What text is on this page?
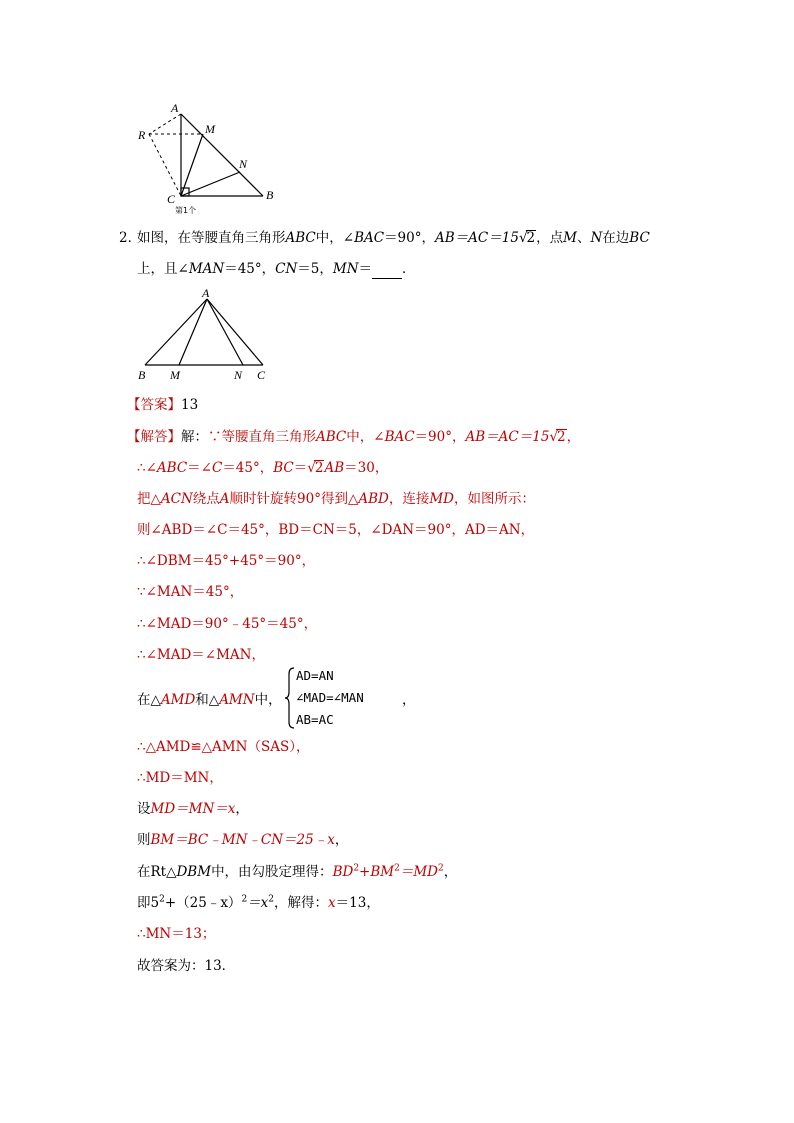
A
M
R
N
C	B
第1个
2．
如图，在等腰直角三角形ABC中，∠BAC＝90°，AB＝AC＝15√2，点M、N在边BC
上，且∠MAN＝45°，CN＝5，MN＝ ．
A
B M	N C
【答案】13
【解答】解：∵等腰直角三角形ABC中，∠BAC＝90°，AB＝AC＝15√2，
∴∠ABC＝∠C＝45°，BC＝√2AB＝30，
把△ACN绕点A顺时针旋转90°得到△ABD，连接MD，如图所示：
则∠ABD＝∠C＝45°，BD＝CN＝5，∠DAN＝90°，AD＝AN，
∴∠DBM＝45°+45°＝90°，
∵∠MAN＝45°，
∴∠MAD＝90°﹣45°＝45°，
∴∠MAD＝∠MAN，
在△AMD和△AMN中，
AD=AN
∠MAD=∠MAN
AB=AC
，
∴△AMD≌△AMN（SAS），
∴MD＝MN，
设MD＝MN＝x，
则BM＝BC﹣MN﹣CN＝25﹣x，
在Rt△DBM中，由勾股定理得：$BD^2+BM^2=MD^2$，
即$5^2+(25﹣x)^2=x^2$，解得：x＝13，
∴MN＝13；
故答案为：13．
